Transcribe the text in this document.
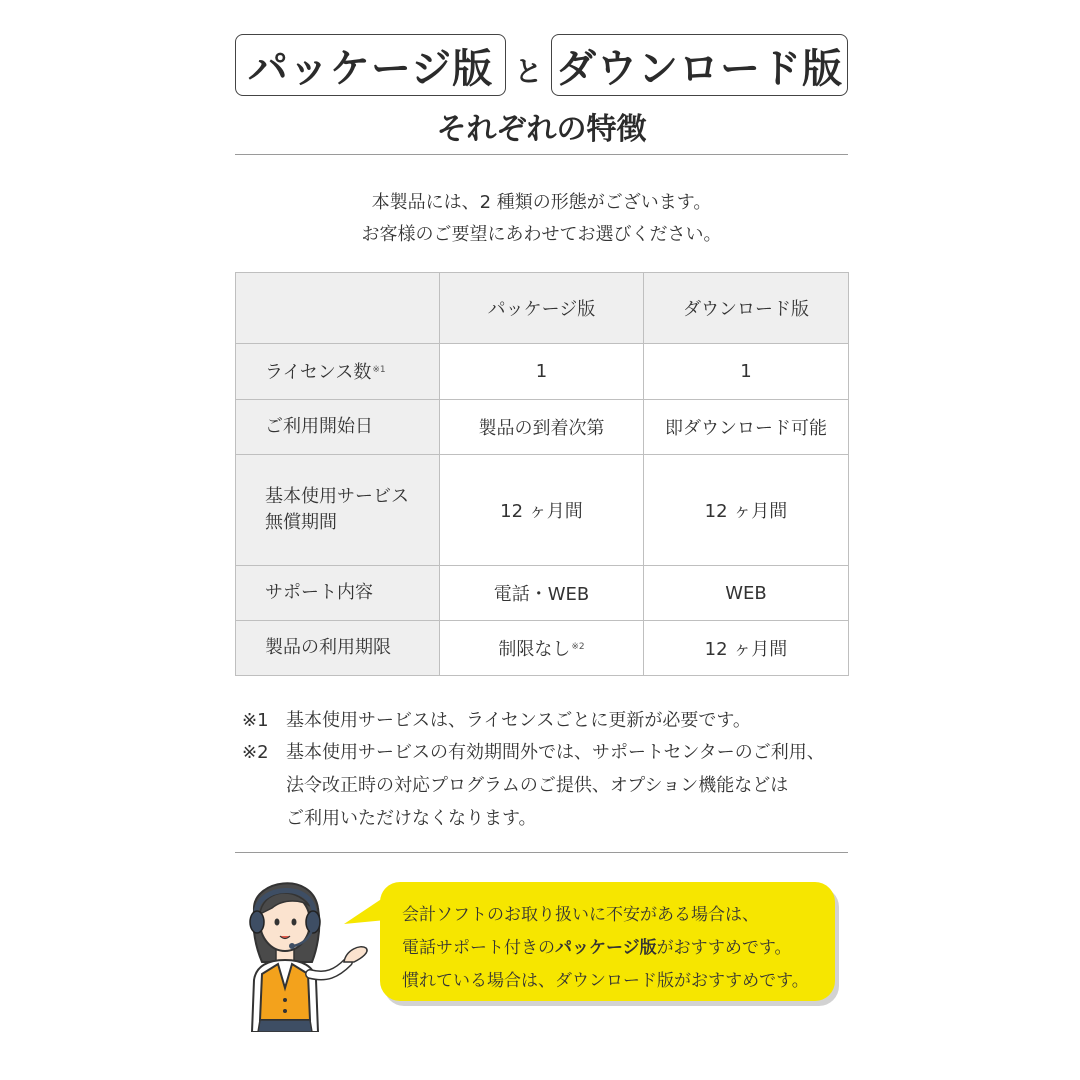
パッケージ版 と ダウンロード版
それぞれの特徴
本製品には、2 種類の形態がございます。
お客様のご要望にあわせてお選びください。
	パッケージ版	ダウンロード版
ライセンス数$^{※1}$	1	1
ご利用開始日	製品の到着次第	即ダウンロード可能

基本使用サービス
無償期間	12 ヶ月間	12 ヶ月間
サポート内容	電話・WEB	WEB
製品の利用期限	制限なし$^{※2}$	12 ヶ月間
※1 基本使用サービスは、ライセンスごとに更新が必要です。
※2 基本使用サービスの有効期間外では、サポートセンターのご利用、
法令改正時の対応プログラムのご提供、オプション機能などは
ご利用いただけなくなります。
会計ソフトのお取り扱いに不安がある場合は、
電話サポート付きのパッケージ版がおすすめです。
慣れている場合は、ダウンロード版がおすすめです。
